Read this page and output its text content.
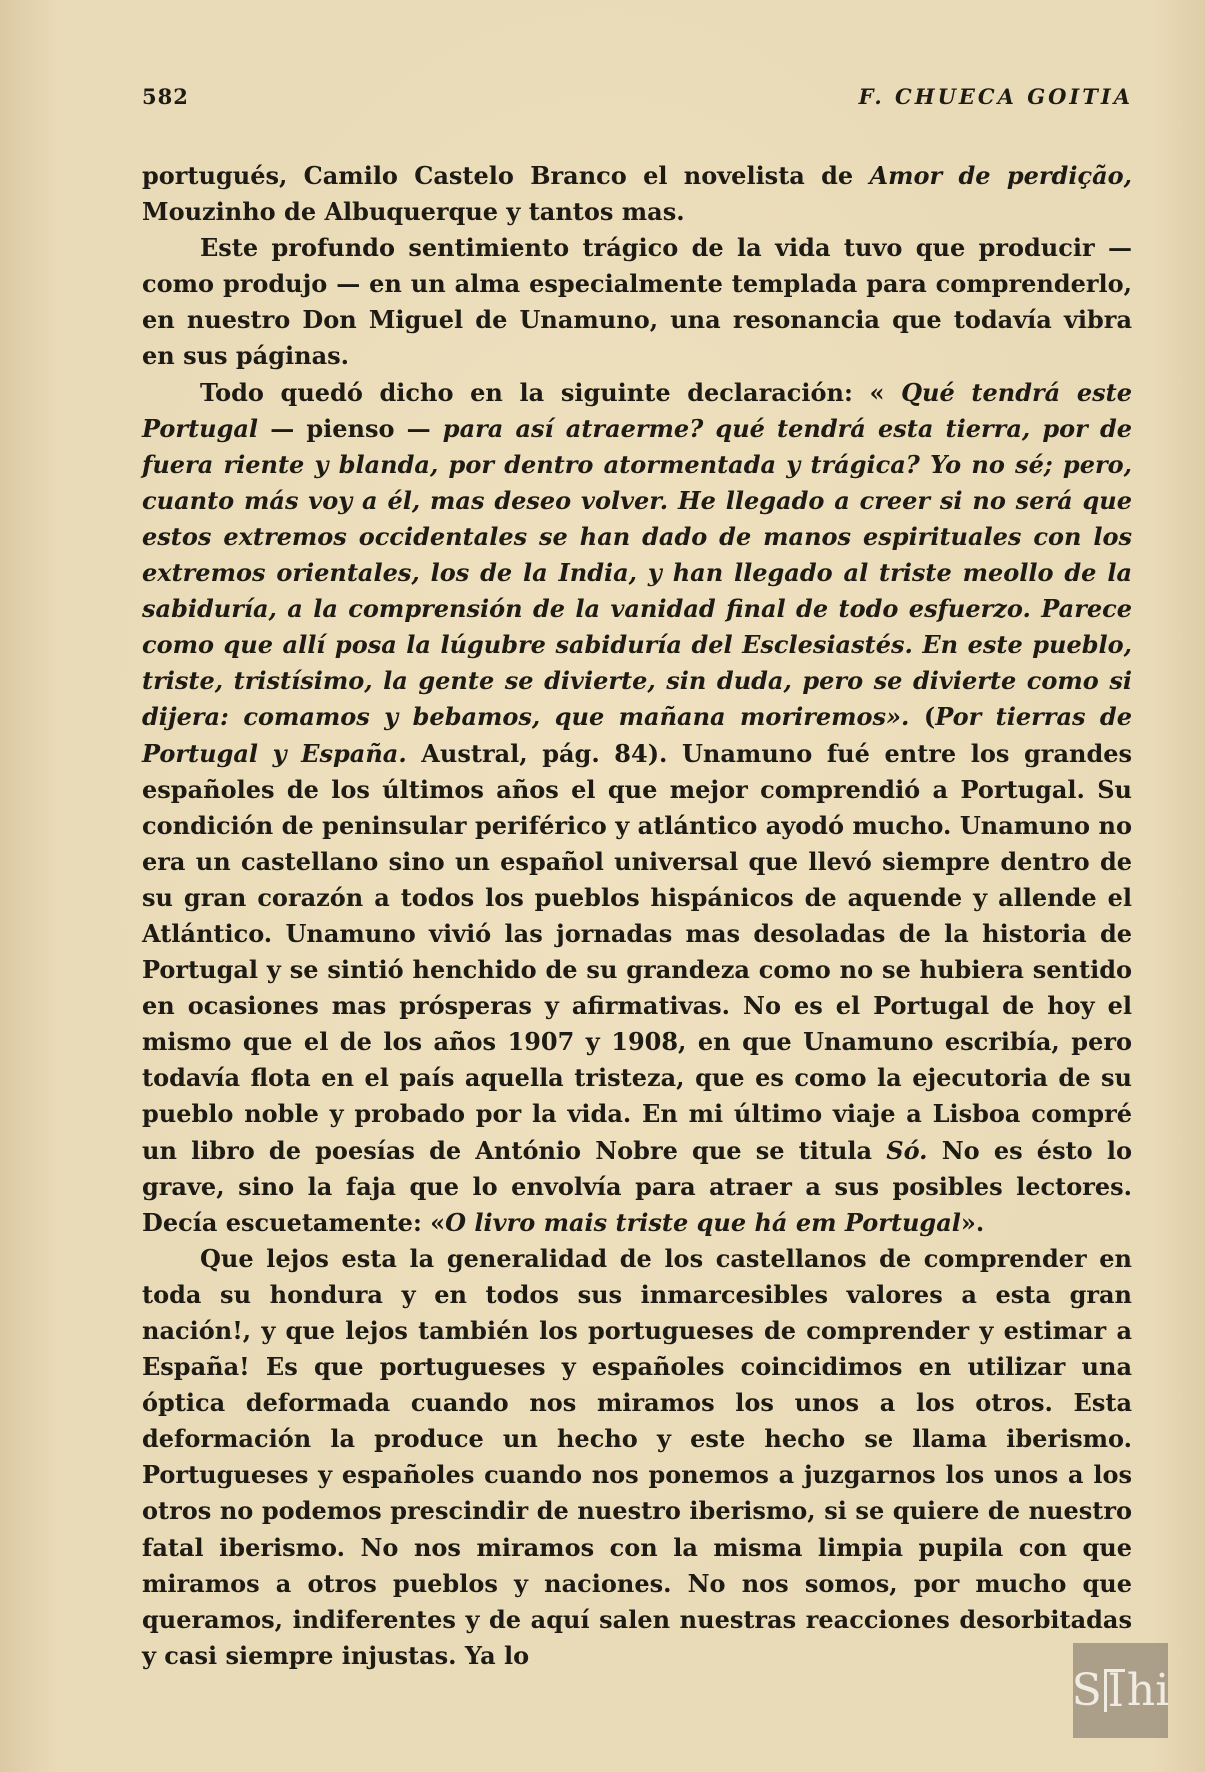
582	F. CHUECA GOITIA

portugués, Camilo Castelo Branco el novelista de Amor de perdição, Mouzinho de Albuquerque y tantos mas.

Este profundo sentimiento trágico de la vida tuvo que producir — como produjo — en un alma especialmente templada para comprenderlo, en nuestro Don Miguel de Unamuno, una resonancia que todavía vibra en sus páginas.

Todo quedó dicho en la siguinte declaración: « Qué tendrá este Portugal — pienso — para así atraerme? qué tendrá esta tierra, por de fuera riente y blanda, por dentro atormentada y trágica? Yo no sé; pero, cuanto más voy a él, mas deseo volver. He llegado a creer si no será que estos extremos occidentales se han dado de manos espirituales con los extremos orientales, los de la India, y han llegado al triste meollo de la sabiduría, a la comprensión de la vanidad final de todo esfuerzo. Parece como que allí posa la lúgubre sabiduría del Esclesiastés. En este pueblo, triste, tristísimo, la gente se divierte, sin duda, pero se divierte como si dijera: comamos y bebamos, que mañana moriremos». (Por tierras de Portugal y España. Austral, pág. 84). Unamuno fué entre los grandes españoles de los últimos años el que mejor comprendió a Portugal. Su condición de peninsular periférico y atlántico ayodó mucho. Unamuno no era un castellano sino un español universal que llevó siempre dentro de su gran corazón a todos los pueblos hispánicos de aquende y allende el Atlántico. Unamuno vivió las jornadas mas desoladas de la historia de Portugal y se sintió henchido de su grandeza como no se hubiera sentido en ocasiones mas prósperas y afirmativas. No es el Portugal de hoy el mismo que el de los años 1907 y 1908, en que Unamuno escribía, pero todavía flota en el país aquella tristeza, que es como la ejecutoria de su pueblo noble y probado por la vida. En mi último viaje a Lisboa compré un libro de poesías de António Nobre que se titula Só. No es ésto lo grave, sino la faja que lo envolvía para atraer a sus posibles lectores. Decía escuetamente: «O livro mais triste que há em Portugal».

Que lejos esta la generalidad de los castellanos de comprender en toda su hondura y en todos sus inmarcesibles valores a esta gran nación!, y que lejos también los portugueses de comprender y estimar a España! Es que portugueses y españoles coincidimos en utilizar una óptica deformada cuando nos miramos los unos a los otros. Esta deformación la produce un hecho y este hecho se llama iberismo. Portugueses y españoles cuando nos ponemos a juzgarnos los unos a los otros no podemos prescindir de nuestro iberismo, si se quiere de nuestro fatal iberismo. No nos miramos con la misma limpia pupila con que miramos a otros pueblos y naciones. No nos somos, por mucho que queramos, indiferentes y de aquí salen nuestras reacciones desorbitadas y casi siempre injustas. Ya lo

S l hi
